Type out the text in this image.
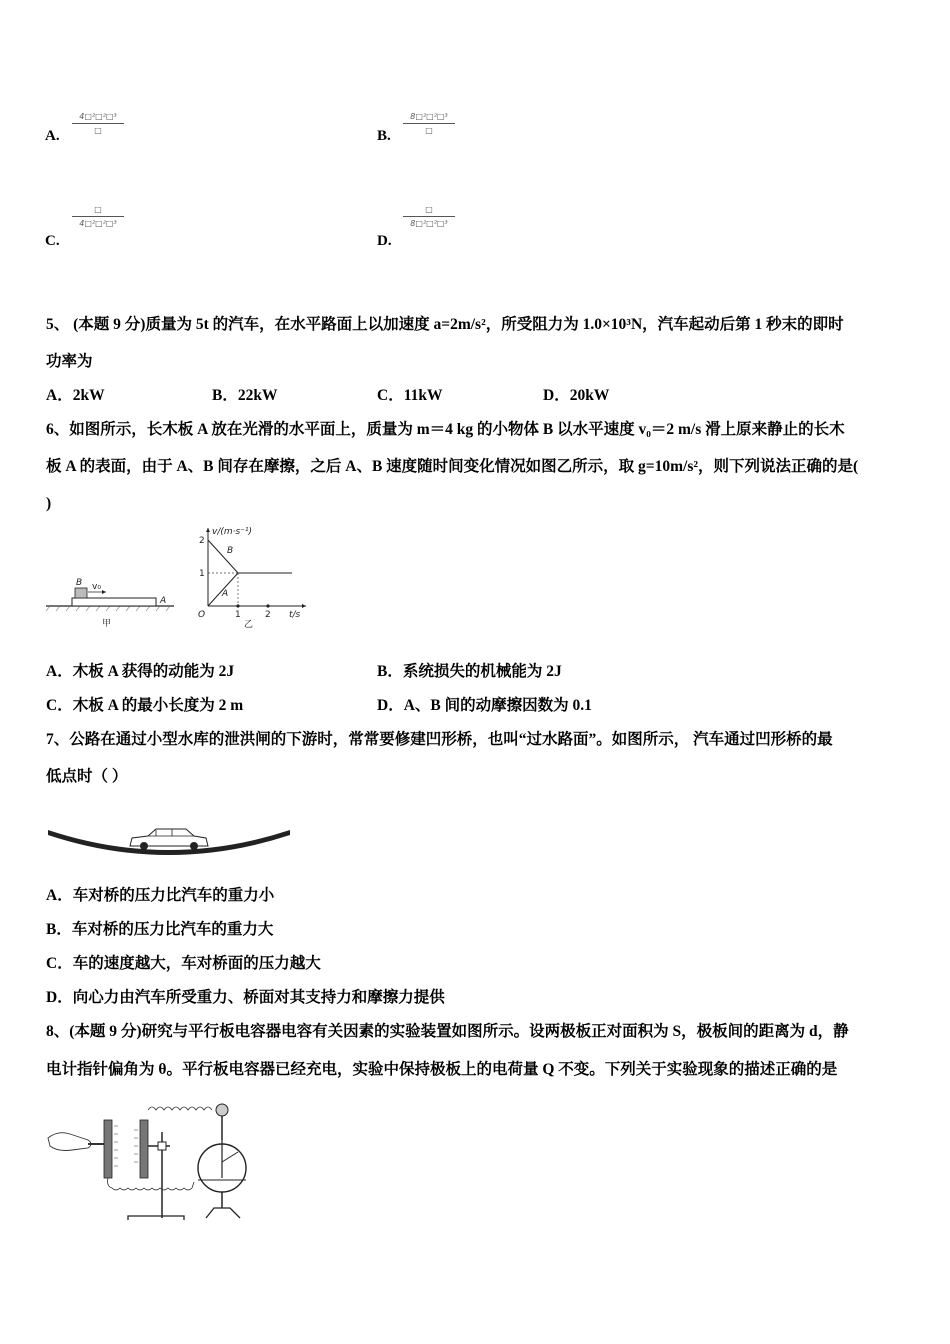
A.
4□²□²□³
□	B.
8□²□²□³
□
C.
□
4□²□²□³
D.
□
8□²□²□³
5、 (本题 9 分)质量为 5t 的汽车，在水平路面上以加速度 a=2m/s²，所受阻力为 1.0×10³N，汽车起动后第 1 秒末的即时
功率为
A．2kW	B．22kW	C．11kW	D．20kW
6、如图所示，长木板 A 放在光滑的水平面上，质量为 m＝4 kg 的小物体 B 以水平速度 v₀＝2 m/s 滑上原来静止的长木
板 A 的表面，由于 A、B 间存在摩擦，之后 A、B 速度随时间变化情况如图乙所示，取 g=10m/s²，则下列说法正确的是(
)
B v₀
A
甲
v/(m·s⁻¹)
t/s
O
2
1
1	2
B
A
乙
A．木板 A 获得的动能为 2J	B．系统损失的机械能为 2J
C．木板 A 的最小长度为 2 m	D．A、B 间的动摩擦因数为 0.1
7、公路在通过小型水库的泄洪闸的下游时，常常要修建凹形桥，也叫“过水路面”。如图所示， 汽车通过凹形桥的最
低点时（ ）
A．车对桥的压力比汽车的重力小
B．车对桥的压力比汽车的重力大
C．车的速度越大，车对桥面的压力越大
D．向心力由汽车所受重力、桥面对其支持力和摩擦力提供
8、(本题 9 分)研究与平行板电容器电容有关因素的实验装置如图所示。设两极板正对面积为 S，极板间的距离为 d，静
电计指针偏角为 θ。平行板电容器已经充电，实验中保持极板上的电荷量 Q 不变。下列关于实验现象的描述正确的是
